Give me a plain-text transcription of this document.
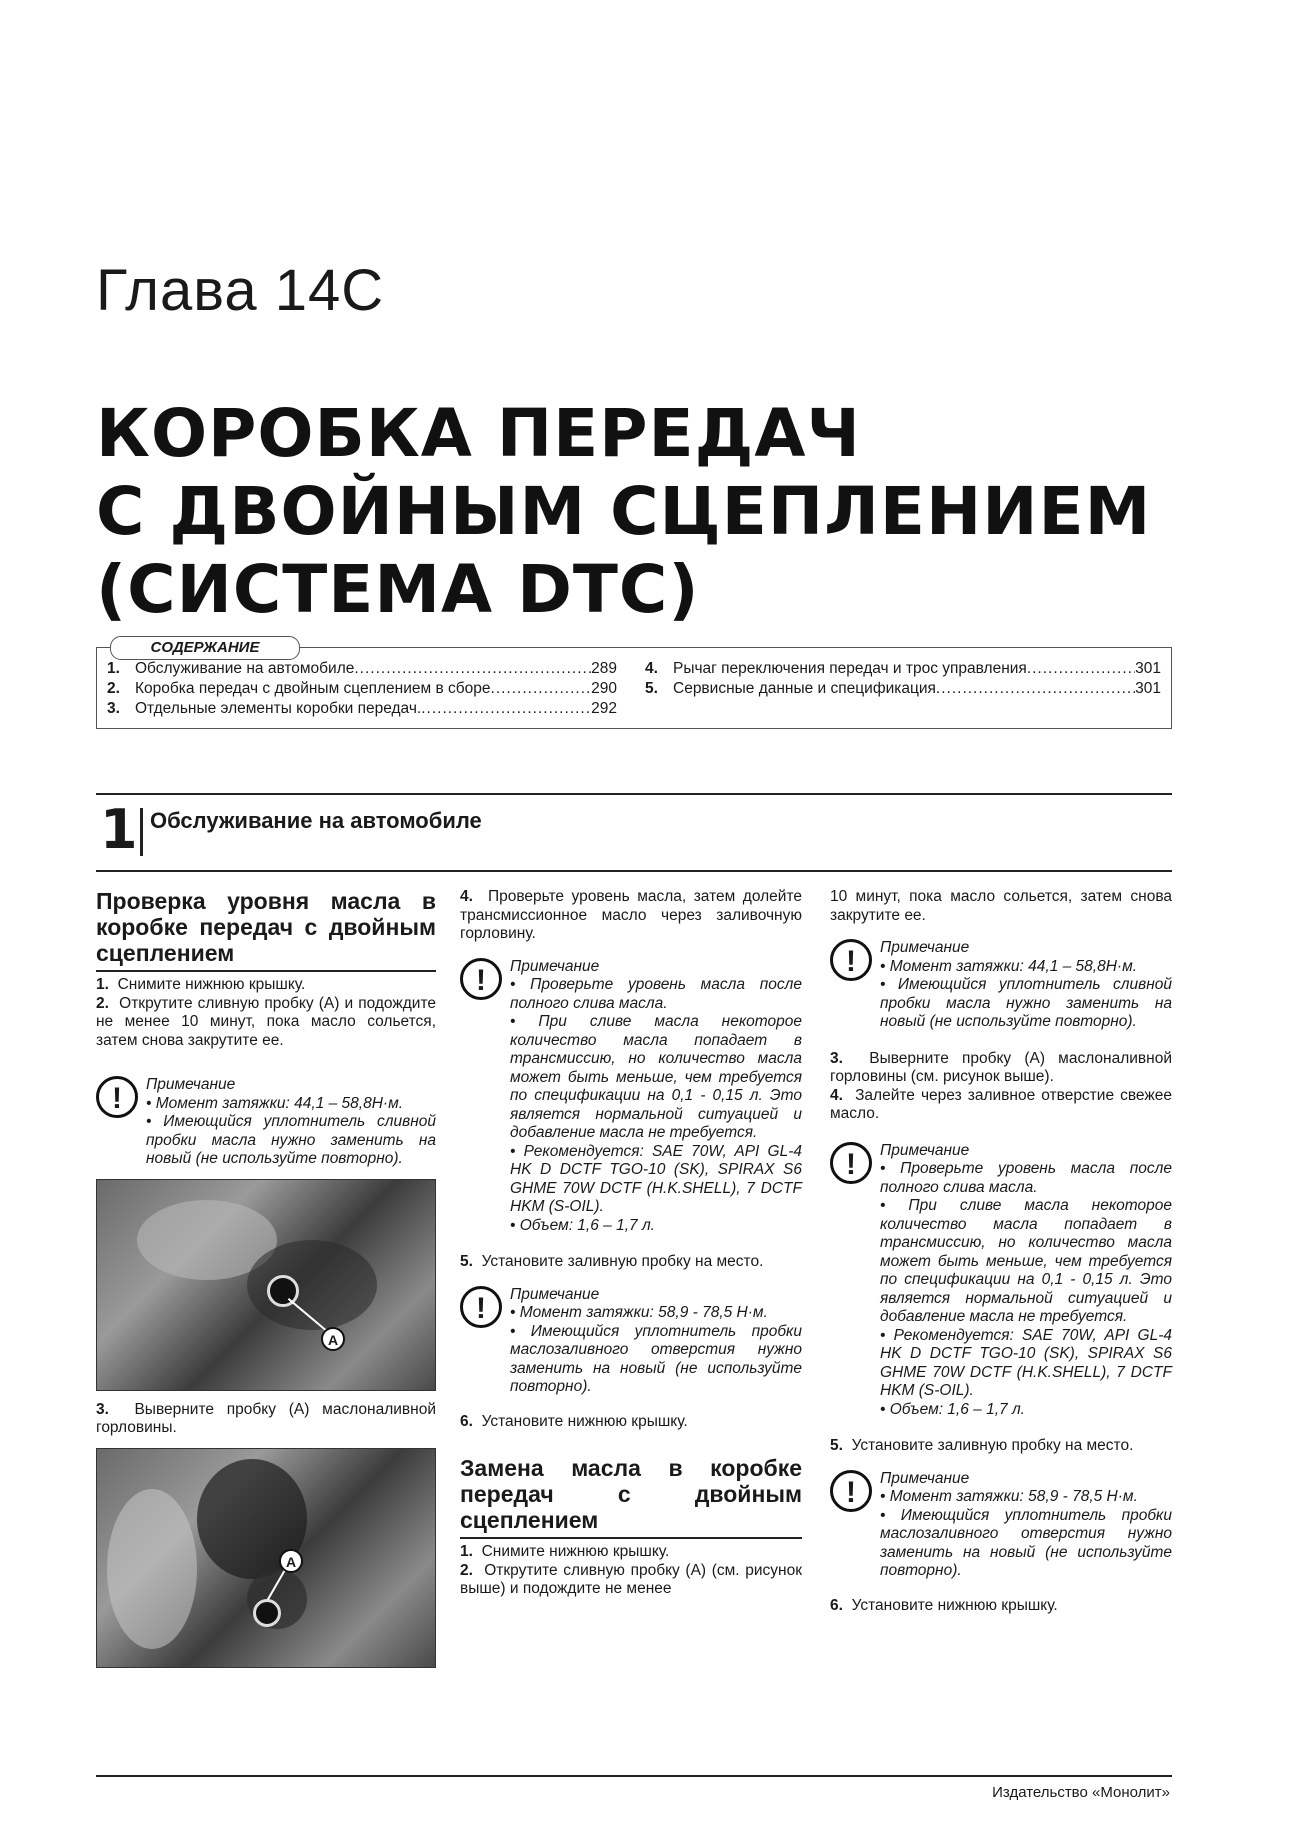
Глава 14С
КОРОБКА ПЕРЕДАЧ
С ДВОЙНЫМ СЦЕПЛЕНИЕМ
(СИСТЕМА DTC)
1. Обслуживание на автомобиле .....	289
2. Коробка передач с двойным сцеплением в сборе .....	290
3. Отдельные элементы коробки передач. .....	292
4. Рычаг переключения передач и трос управления .....	301
5. Сервисные данные и спецификация .....	301
СОДЕРЖАНИЕ
1 Обслуживание на автомобиле
Проверка уровня масла в коробке передач с двойным сцеплением

1. Снимите нижнюю крышку.

2. Открутите сливную пробку (А) и подождите не менее 10 минут, пока масло сольется, затем снова закрутите ее.

!	Примечание

• Момент затяжки: 44,1 – 58,8Н·м.

• Имеющийся уплотнитель сливной пробки масла нужно заменить на новый (не используйте повторно).

A

3. Выверните пробку (А) маслоналивной горловины.

A

4. Проверьте уровень масла, затем долейте трансмиссионное масло через заливочную горловину.

!	Примечание

• Проверьте уровень масла после полного слива масла.

• При сливе масла некоторое количество масла попадает в трансмиссию, но количество масла может быть меньше, чем требуется по спецификации на 0,1 - 0,15 л. Это является нормальной ситуацией и добавление масла не требуется.

• Рекомендуется: SAE 70W, API GL-4 HK D DCTF TGO-10 (SK), SPIRAX S6 GHME 70W DCTF (H.K.SHELL), 7 DCTF HKM (S-OIL).

• Объем: 1,6 – 1,7 л.

5. Установите заливную пробку на место.

!	Примечание

• Момент затяжки: 58,9 - 78,5 Н·м.

• Имеющийся уплотнитель пробки маслозаливного отверстия нужно заменить на новый (не используйте повторно).

6. Установите нижнюю крышку.

Замена масла в коробке передач с двойным сцеплением

1. Снимите нижнюю крышку.

2. Открутите сливную пробку (А) (см. рисунок выше) и подождите не менее

10 минут, пока масло сольется, затем снова закрутите ее.

!	Примечание

• Момент затяжки: 44,1 – 58,8Н·м.

• Имеющийся уплотнитель сливной пробки масла нужно заменить на новый (не используйте повторно).

3. Выверните пробку (А) маслоналивной горловины (см. рисунок выше).

4. Залейте через заливное отверстие свежее масло.

!	Примечание

• Проверьте уровень масла после полного слива масла.

• При сливе масла некоторое количество масла попадает в трансмиссию, но количество масла может быть меньше, чем требуется по спецификации на 0,1 - 0,15 л. Это является нормальной ситуацией и добавление масла не требуется.

• Рекомендуется: SAE 70W, API GL-4 HK D DCTF TGO-10 (SK), SPIRAX S6 GHME 70W DCTF (H.K.SHELL), 7 DCTF HKM (S-OIL).

• Объем: 1,6 – 1,7 л.

5. Установите заливную пробку на место.

!	Примечание

• Момент затяжки: 58,9 - 78,5 Н·м.

• Имеющийся уплотнитель пробки маслозаливного отверстия нужно заменить на новый (не используйте повторно).

6. Установите нижнюю крышку.

Издательство «Монолит»
